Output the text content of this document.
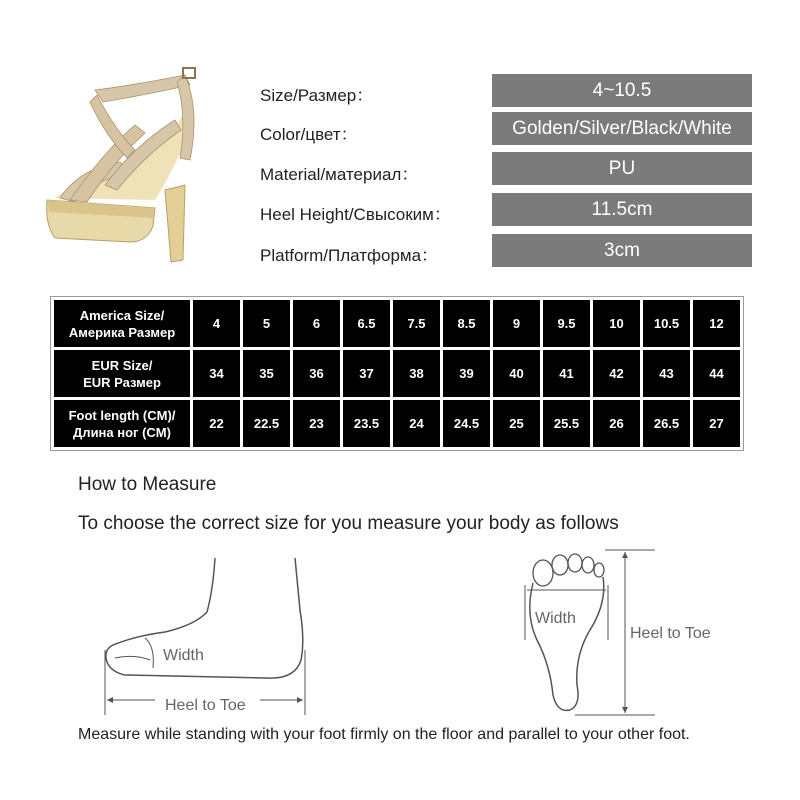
Size/Размер：	4~10.5
Color/цвет：	Golden/Silver/Black/White
Material/материал：	PU
Heel Height/Свысоким：	11.5cm
Platform/Платформа：	3cm
America Size/
Америка Размер	4	5	6	6.5	7.5	8.5	9	9.5	10	10.5	12
EUR Size/
EUR Размер	34	35	36	37	38	39	40	41	42	43	44
Foot length (CM)/
Длина ног (CM)	22	22.5	23	23.5	24	24.5	25	25.5	26	26.5	27
How to Measure
To choose the correct size for you measure your body as follows
Width
Heel to Toe
Width
Heel to Toe
Measure while standing with your foot firmly on the floor and parallel to your other foot.
